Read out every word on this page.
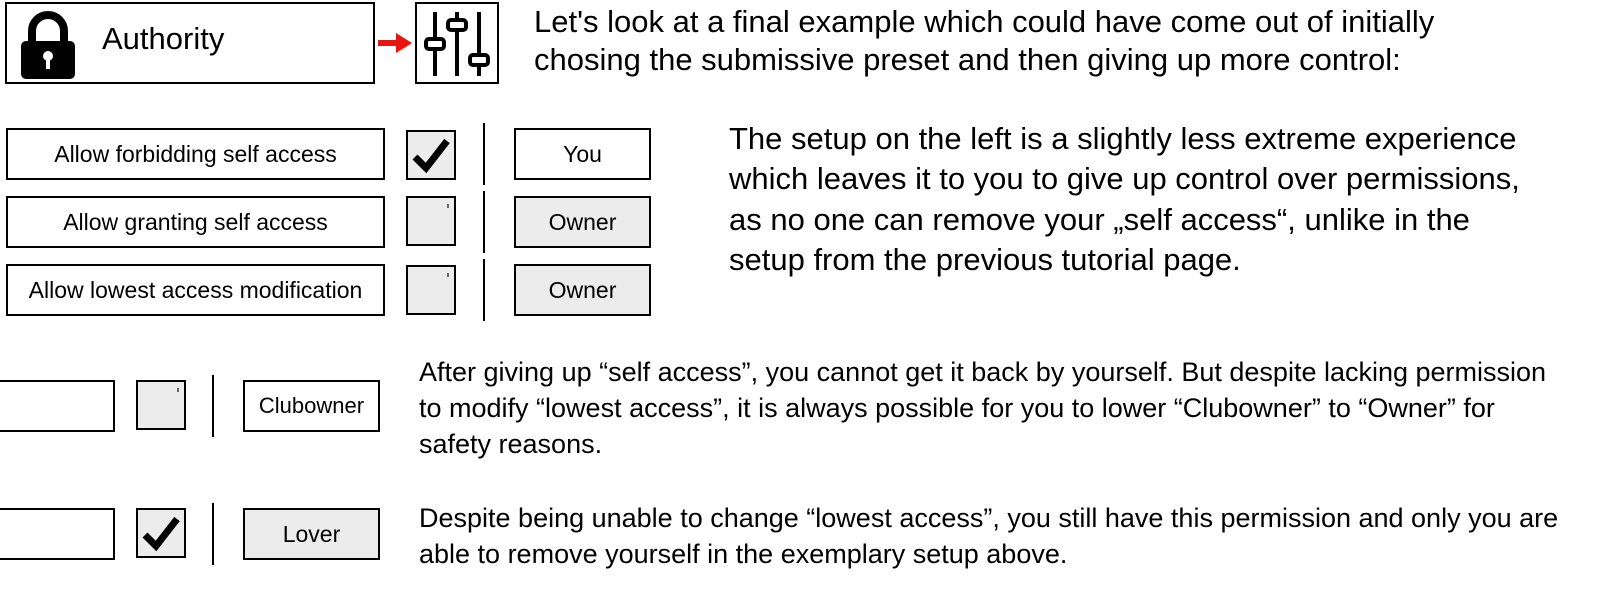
Authority	Let's look at a final example which could have come out of initially chosing the submissive preset and then giving up more control:
Allow forbidding self access	You
Allow granting self access	Owner
Allow lowest access modification	Owner
The setup on the left is a slightly less extreme experience which leaves it to you to give up control over permissions, as no one can remove your „self access“, unlike in the setup from the previous tutorial page.
Clubowner
After giving up “self access”, you cannot get it back by yourself. But despite lacking permission to modify “lowest access”, it is always possible for you to lower “Clubowner” to “Owner” for safety reasons.
Lover
Despite being unable to change “lowest access”, you still have this permission and only you are able to remove yourself in the exemplary setup above.
